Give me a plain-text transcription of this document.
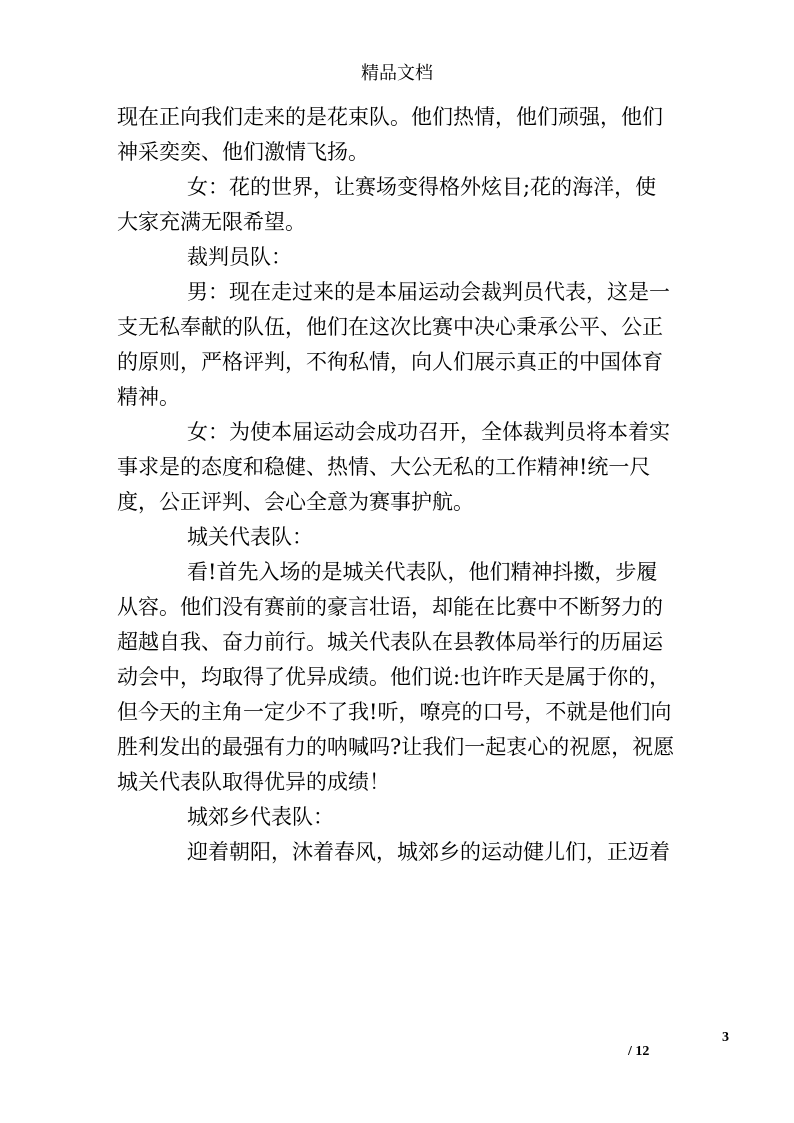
精品文档

现在正向我们走来的是花束队。他们热情，他们顽强，他们神采奕奕、他们激情飞扬。

女：花的世界，让赛场变得格外炫目;花的海洋，使大家充满无限希望。

裁判员队：

男：现在走过来的是本届运动会裁判员代表，这是一支无私奉献的队伍，他们在这次比赛中决心秉承公平、公正的原则，严格评判，不徇私情，向人们展示真正的中国体育精神。

女：为使本届运动会成功召开，全体裁判员将本着实事求是的态度和稳健、热情、大公无私的工作精神!统一尺度，公正评判、会心全意为赛事护航。

城关代表队：

看!首先入场的是城关代表队，他们精神抖擞，步履从容。他们没有赛前的豪言壮语，却能在比赛中不断努力的超越自我、奋力前行。城关代表队在县教体局举行的历届运动会中，均取得了优异成绩。他们说:也许昨天是属于你的，但今天的主角一定少不了我!听，嘹亮的口号，不就是他们向胜利发出的最强有力的呐喊吗?让我们一起衷心的祝愿，祝愿城关代表队取得优异的成绩！

城郊乡代表队：

迎着朝阳，沐着春风，城郊乡的运动健儿们，正迈着

3
/ 12
